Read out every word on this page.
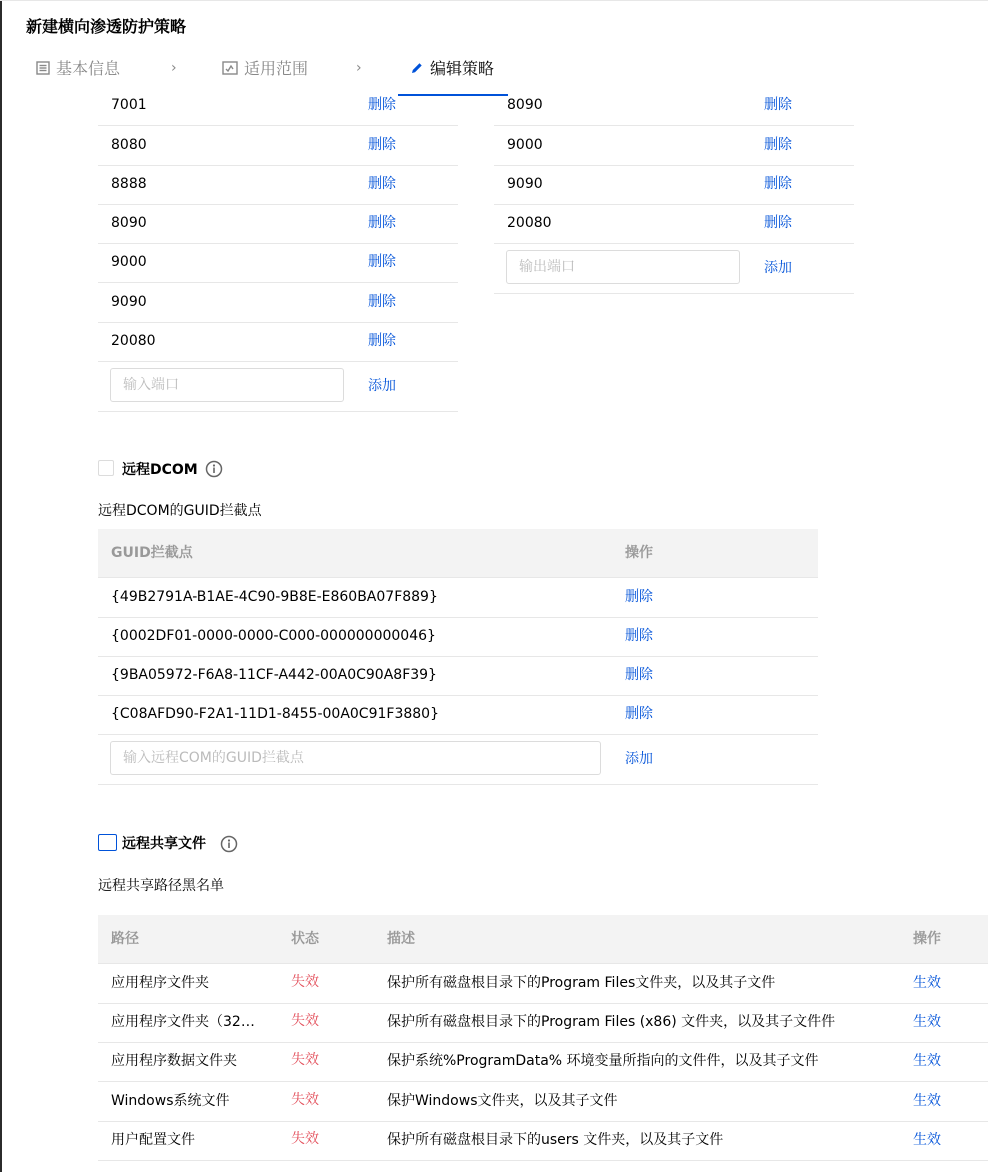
新建横向渗透防护策略
基本信息	›	适用范围	›	编辑策略
7001	删除
8080	删除
8888	删除
8090	删除
9000	删除
9090	删除
20080	删除
输入端口
添加
8090	删除
9000	删除
9090	删除
20080	删除
输出端口
添加
远程DCOM
远程DCOM的GUID拦截点
GUID拦截点	操作
{49B2791A-B1AE-4C90-9B8E-E860BA07F889}	删除
{0002DF01-0000-0000-C000-000000000046}	删除
{9BA05972-F6A8-11CF-A442-00A0C90A8F39}	删除
{C08AFD90-F2A1-11D1-8455-00A0C91F3880}	删除
输入远程COM的GUID拦截点
添加
远程共享文件
远程共享路径黑名单
路径	状态	描述	操作
应用程序文件夹	失效	保护所有磁盘根目录下的Program Files文件夹，以及其子文件	生效
应用程序文件夹（32…	失效	保护所有磁盘根目录下的Program Files (x86) 文件夹，以及其子文件件	生效
应用程序数据文件夹	失效	保护系统%ProgramData% 环境变量所指向的文件件，以及其子文件	生效
Windows系统文件	失效	保护Windows文件夹，以及其子文件	生效
用户配置文件	失效	保护所有磁盘根目录下的users 文件夹，以及其子文件	生效
